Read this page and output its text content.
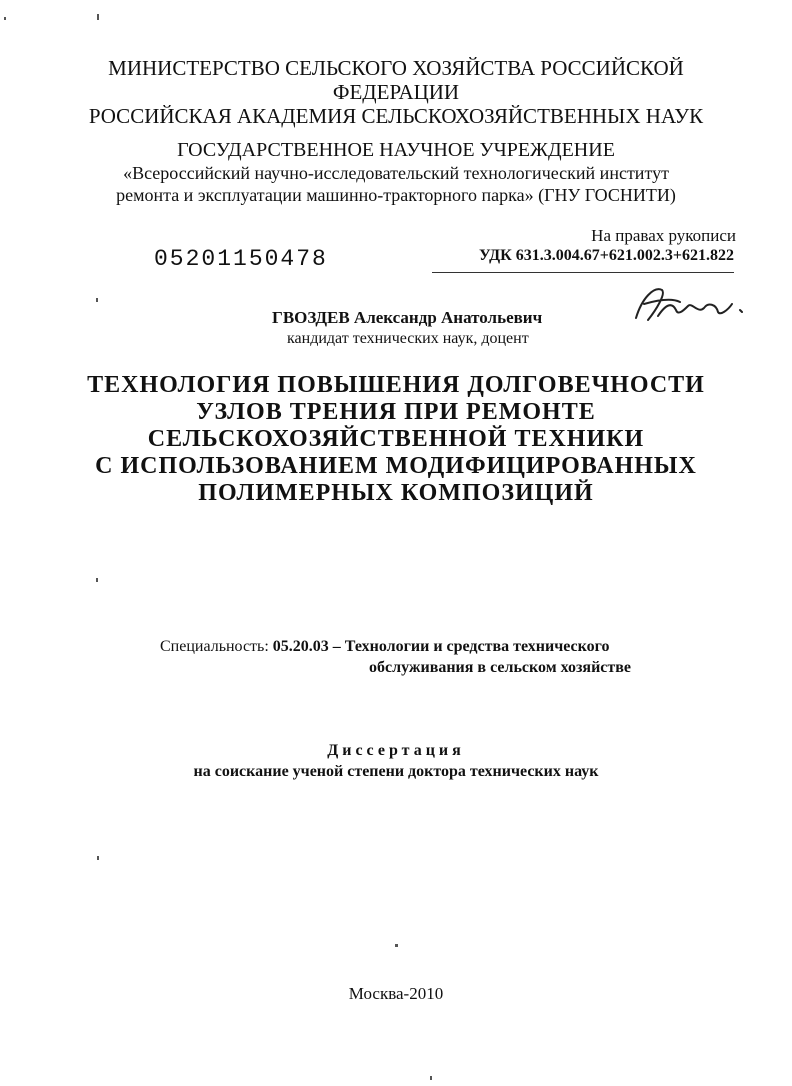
МИНИСТЕРСТВО СЕЛЬСКОГО ХОЗЯЙСТВА РОССИЙСКОЙ
ФЕДЕРАЦИИ
РОССИЙСКАЯ АКАДЕМИЯ СЕЛЬСКОХОЗЯЙСТВЕННЫХ НАУК
ГОСУДАРСТВЕННОЕ НАУЧНОЕ УЧРЕЖДЕНИЕ
«Всероссийский научно-исследовательский технологический институт
ремонта и эксплуатации машинно-тракторного парка» (ГНУ ГОСНИТИ)
На правах рукописи
УДК 631.3.004.67+621.002.3+621.822
05201150478
ГВОЗДЕВ Александр Анатольевич
кандидат технических наук, доцент
ТЕХНОЛОГИЯ ПОВЫШЕНИЯ ДОЛГОВЕЧНОСТИ
УЗЛОВ ТРЕНИЯ ПРИ РЕМОНТЕ
СЕЛЬСКОХОЗЯЙСТВЕННОЙ ТЕХНИКИ
С ИСПОЛЬЗОВАНИЕМ МОДИФИЦИРОВАННЫХ
ПОЛИМЕРНЫХ КОМПОЗИЦИЙ
Специальность: 05.20.03 – Технологии и средства технического
обслуживания в сельском хозяйстве
Диссертация
на соискание ученой степени доктора технических наук
Москва-2010
